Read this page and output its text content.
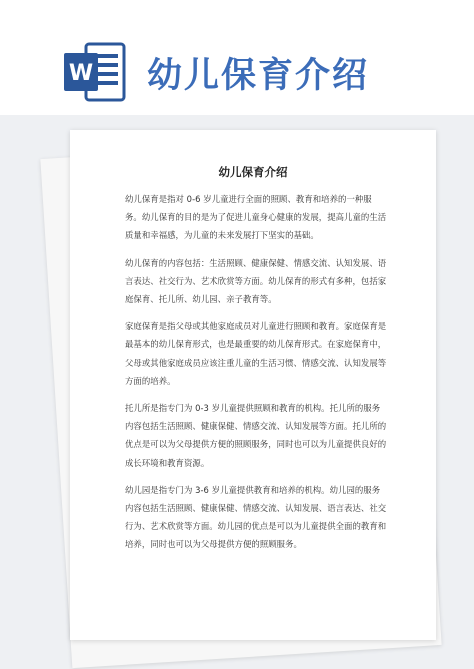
W 幼儿保育介绍
幼儿保育介绍

幼儿保育是指对 0-6 岁儿童进行全面的照顾、教育和培养的一种服务。幼儿保育的目的是为了促进儿童身心健康的发展，提高儿童的生活质量和幸福感，为儿童的未来发展打下坚实的基础。

幼儿保育的内容包括：生活照顾、健康保健、情感交流、认知发展、语言表达、社交行为、艺术欣赏等方面。幼儿保育的形式有多种，包括家庭保育、托儿所、幼儿园、亲子教育等。

家庭保育是指父母或其他家庭成员对儿童进行照顾和教育。家庭保育是最基本的幼儿保育形式，也是最重要的幼儿保育形式。在家庭保育中，父母或其他家庭成员应该注重儿童的生活习惯、情感交流、认知发展等方面的培养。

托儿所是指专门为 0-3 岁儿童提供照顾和教育的机构。托儿所的服务内容包括生活照顾、健康保健、情感交流、认知发展等方面。托儿所的优点是可以为父母提供方便的照顾服务，同时也可以为儿童提供良好的成长环境和教育资源。

幼儿园是指专门为 3-6 岁儿童提供教育和培养的机构。幼儿园的服务内容包括生活照顾、健康保健、情感交流、认知发展、语言表达、社交行为、艺术欣赏等方面。幼儿园的优点是可以为儿童提供全面的教育和培养，同时也可以为父母提供方便的照顾服务。
